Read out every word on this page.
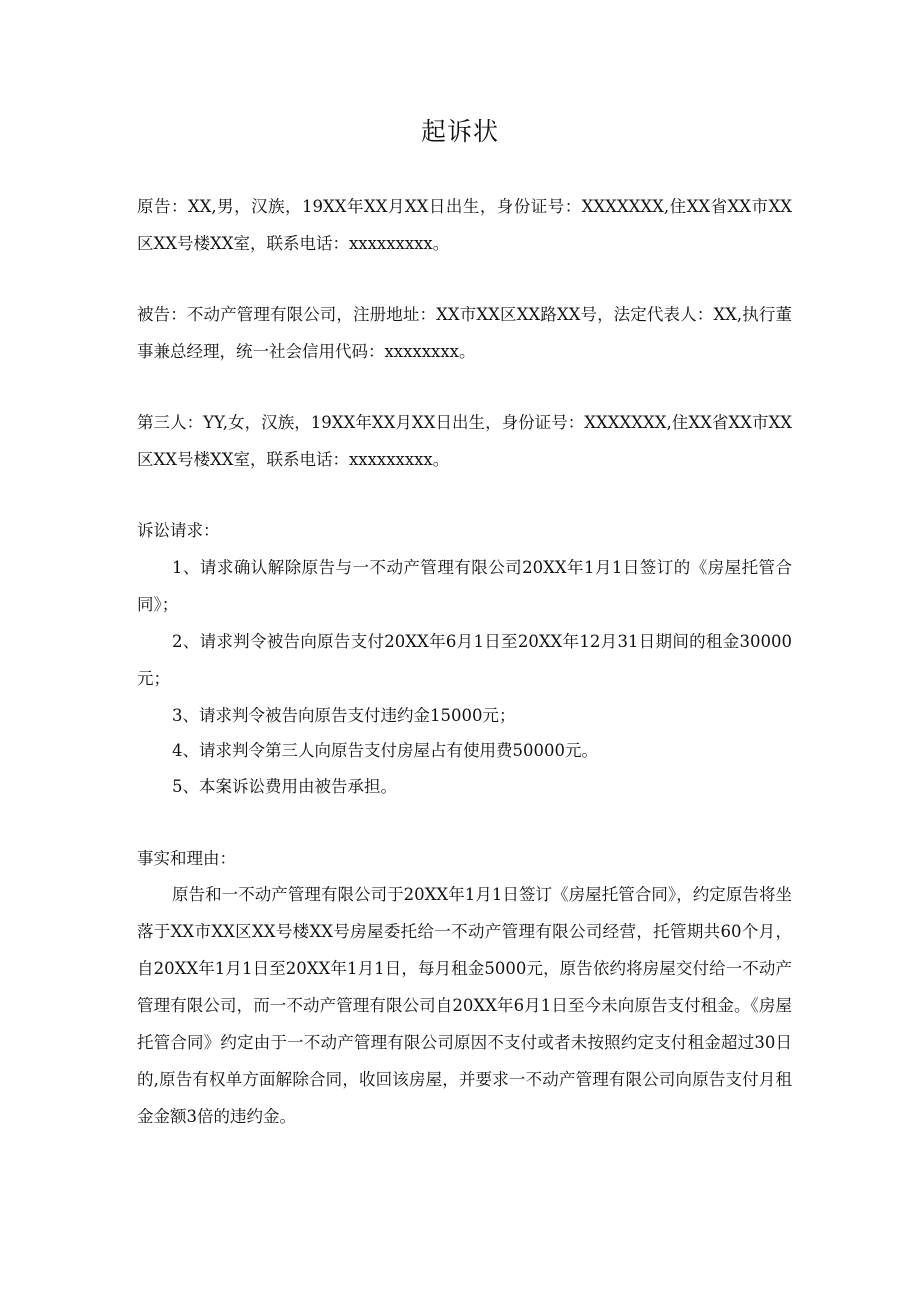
起诉状

原告：XX,男，汉族，19XX年XX月XX日出生，身份证号：XXXXXXX,住XX省XX市XX区XX号楼XX室，联系电话：xxxxxxxxx。

被告：不动产管理有限公司，注册地址：XX市XX区XX路XX号，法定代表人：XX,执行董事兼总经理，统一社会信用代码：xxxxxxxx。

第三人：YY,女，汉族，19XX年XX月XX日出生，身份证号：XXXXXXX,住XX省XX市XX区XX号楼XX室，联系电话：xxxxxxxxx。

诉讼请求：

1、请求确认解除原告与一不动产管理有限公司20XX年1月1日签订的《房屋托管合同》；

2、请求判令被告向原告支付20XX年6月1日至20XX年12月31日期间的租金30000元；

3、请求判令被告向原告支付违约金15000元；

4、请求判令第三人向原告支付房屋占有使用费50000元。

5、本案诉讼费用由被告承担。

事实和理由：

原告和一不动产管理有限公司于20XX年1月1日签订《房屋托管合同》，约定原告将坐落于XX市XX区XX号楼XX号房屋委托给一不动产管理有限公司经营，托管期共60个月，自20XX年1月1日至20XX年1月1日，每月租金5000元，原告依约将房屋交付给一不动产管理有限公司，而一不动产管理有限公司自20XX年6月1日至今未向原告支付租金。《房屋托管合同》约定由于一不动产管理有限公司原因不支付或者未按照约定支付租金超过30日的,原告有权单方面解除合同，收回该房屋，并要求一不动产管理有限公司向原告支付月租金金额3倍的违约金。
